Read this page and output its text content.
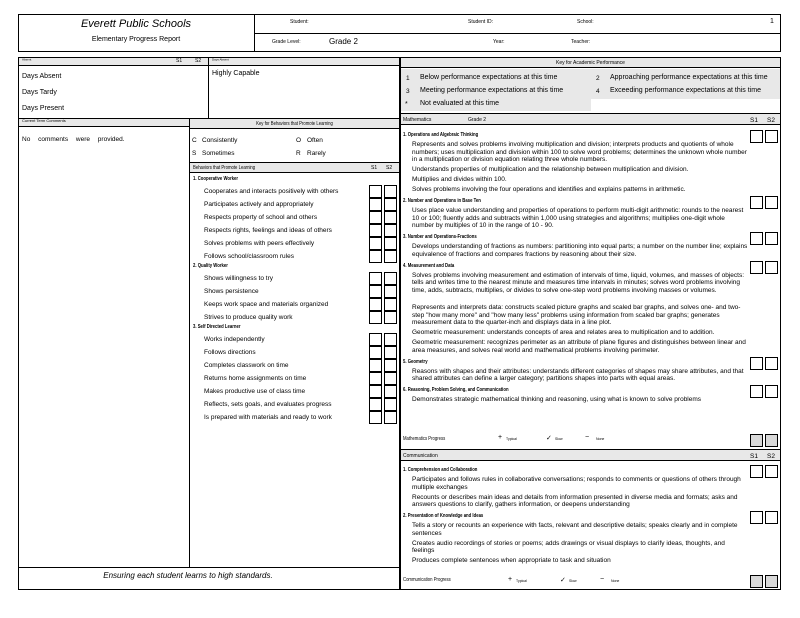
Everett Public Schools
Elementary Progress Report
Student:	Student ID:	School:	1
Grade Level:	Grade 2	Year:	Teacher:
Absent	S1	S2 Days Absent
Days Absent
Days Tardy
Days Present
Highly Capable
Current Term Comments
No comments were provided.
Key for Behaviors that Promote Learning
C Consistently	O Often
S Sometimes	R Rarely
Behaviors that Promote Learning	S1 S2
1. Cooperative Worker
Cooperates and interacts positively with others
Participates actively and appropriately
Respects property of school and others
Respects rights, feelings and ideas of others
Solves problems with peers effectively
Follows school/classroom rules
2. Quality Worker
Shows willingness to try
Shows persistence
Keeps work space and materials organized
Strives to produce quality work
3. Self Directed Learner
Works independently
Follows directions
Completes classwork on time
Returns home assignments on time
Makes productive use of class time
Reflects, sets goals, and evaluates progress
Is prepared with materials and ready to work
Ensuring each student learns to high standards.
Key for Academic Performance
1 Below performance expectations at this time	2 Approaching performance expectations at this time
3 Meeting performance expectations at this time	4 Exceeding performance expectations at this time
* Not evaluated at this time
Mathematics	Grade 2	S1 S2
1. Operations and Algebraic Thinking
Represents and solves problems involving multiplication and division; interprets products and quotients of whole numbers; uses multiplication and division within 100 to solve word problems; determines the unknown whole number in a multiplication or division equation relating three whole numbers.
Understands properties of multiplication and the relationship between multiplication and division.
Multiplies and divides within 100.
Solves problems involving the four operations and identifies and explains patterns in arithmetic.
2. Number and Operations in Base Ten
Uses place value understanding and properties of operations to perform multi-digit arithmetic: rounds to the nearest 10 or 100; fluently adds and subtracts within 1,000 using strategies and algorithms; multiplies one-digit whole number by multiples of 10 in the range of 10 - 90.
3. Number and Operations-Fractions
Develops understanding of fractions as numbers: partitioning into equal parts; a number on the number line; explains equivalence of fractions and compares fractions by reasoning about their size.
4. Measurement and Data
Solves problems involving measurement and estimation of intervals of time, liquid, volumes, and masses of objects: tells and writes time to the nearest minute and measures time intervals in minutes; solves word problems involving time, adds, subtracts, multiplies, or divides to solve one-step word problems involving masses or volumes.
Represents and interprets data: constructs scaled picture graphs and scaled bar graphs, and solves one- and two-step "how many more" and "how many less" problems using information from scaled bar graphs; generates measurement data to the quarter-inch and displays data in a line plot.
Geometric measurement: understands concepts of area and relates area to multiplication and to addition.
Geometric measurement: recognizes perimeter as an attribute of plane figures and distinguishes between linear and area measures, and solves real world and mathematical problems involving perimeter.
5. Geometry
Reasons with shapes and their attributes: understands different categories of shapes may share attributes, and that shared attributes can define a larger category; partitions shapes into parts with equal areas.
6. Reasoning, Problem Solving, and Communication
Demonstrates strategic mathematical thinking and reasoning, using what is known to solve problems
Mathematics Progress	+ Typical	✓ Slow	− None
Communication	S1 S2
1. Comprehension and Collaboration
Participates and follows rules in collaborative conversations; responds to comments or questions of others through multiple exchanges
Recounts or describes main ideas and details from information presented in diverse media and formats; asks and answers questions to clarify, gathers information, or deepens understanding
2. Presentation of Knowledge and Ideas
Tells a story or recounts an experience with facts, relevant and descriptive details; speaks clearly and in complete sentences
Creates audio recordings of stories or poems; adds drawings or visual displays to clarify ideas, thoughts, and feelings
Produces complete sentences when appropriate to task and situation
Communication Progress	+ Typical	✓ Slow	− None
